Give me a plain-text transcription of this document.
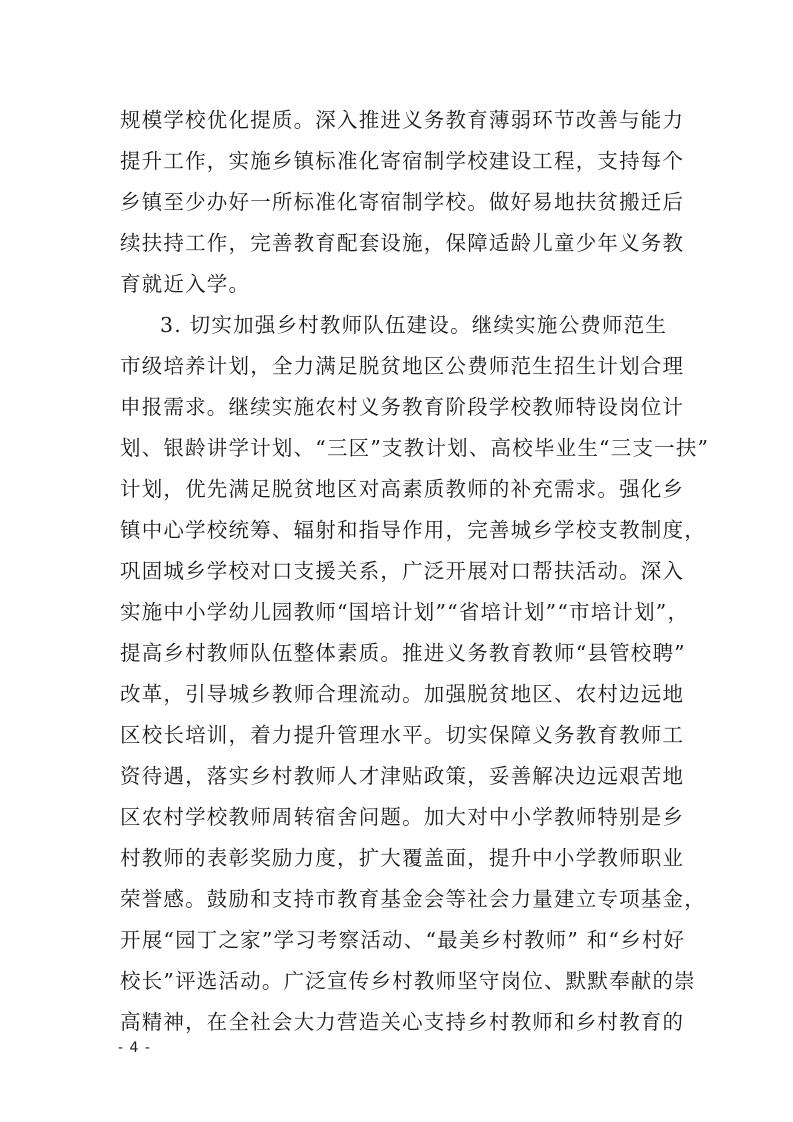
规模学校优化提质。深入推进义务教育薄弱环节改善与能力
提升工作，实施乡镇标准化寄宿制学校建设工程，支持每个
乡镇至少办好一所标准化寄宿制学校。做好易地扶贫搬迁后
续扶持工作，完善教育配套设施，保障适龄儿童少年义务教
育就近入学。
3. 切实加强乡村教师队伍建设。继续实施公费师范生
市级培养计划，全力满足脱贫地区公费师范生招生计划合理
申报需求。继续实施农村义务教育阶段学校教师特设岗位计
划、银龄讲学计划、“三区”支教计划、高校毕业生“三支一扶”
计划，优先满足脱贫地区对高素质教师的补充需求。强化乡
镇中心学校统筹、辐射和指导作用，完善城乡学校支教制度，
巩固城乡学校对口支援关系，广泛开展对口帮扶活动。深入
实施中小学幼儿园教师“国培计划”“省培计划”“市培计划”，
提高乡村教师队伍整体素质。推进义务教育教师“县管校聘”
改革，引导城乡教师合理流动。加强脱贫地区、农村边远地
区校长培训，着力提升管理水平。切实保障义务教育教师工
资待遇，落实乡村教师人才津贴政策，妥善解决边远艰苦地
区农村学校教师周转宿舍问题。加大对中小学教师特别是乡
村教师的表彰奖励力度，扩大覆盖面，提升中小学教师职业
荣誉感。鼓励和支持市教育基金会等社会力量建立专项基金，
开展“园丁之家”学习考察活动、“最美乡村教师” 和“乡村好
校长”评选活动。广泛宣传乡村教师坚守岗位、默默奉献的崇
高精神，在全社会大力营造关心支持乡村教师和乡村教育的
- 4 -
